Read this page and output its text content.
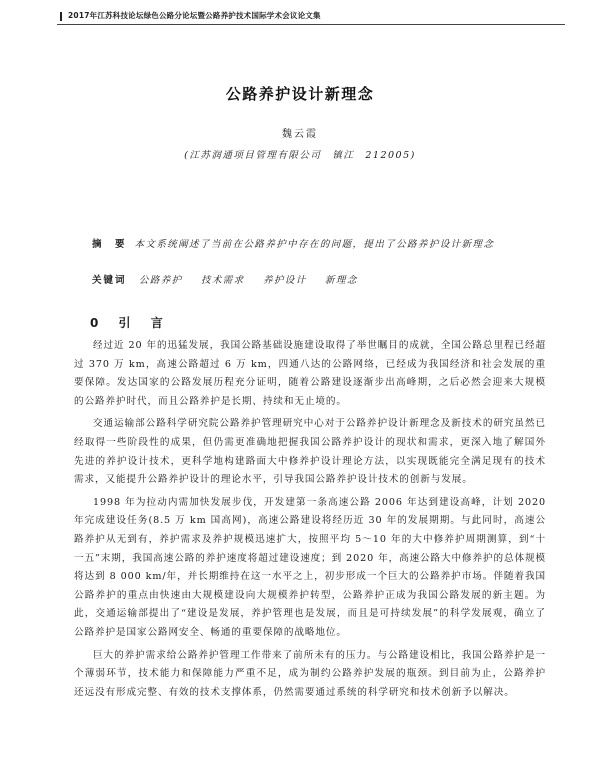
2017年江苏科技论坛绿色公路分论坛暨公路养护技术国际学术会议论文集
公路养护设计新理念
魏云霞
(江苏润通项目管理有限公司　镇江　212005)
摘　要 本文系统阐述了当前在公路养护中存在的问题，提出了公路养护设计新理念
关键词 公路养护 技术需求 养护设计 新理念
0 引 言

经过近 20 年的迅猛发展，我国公路基础设施建设取得了举世瞩目的成就，全国公路总里程已经超过 370 万 km，高速公路超过 6 万 km，四通八达的公路网络，已经成为我国经济和社会发展的重要保障。发达国家的公路发展历程充分证明，随着公路建设逐渐步出高峰期，之后必然会迎来大规模的公路养护时代，而且公路养护是长期、持续和无止境的。

交通运输部公路科学研究院公路养护管理研究中心对于公路养护设计新理念及新技术的研究虽然已经取得一些阶段性的成果，但仍需更准确地把握我国公路养护设计的现状和需求，更深入地了解国外先进的养护设计技术，更科学地构建路面大中修养护设计理论方法，以实现既能完全满足现有的技术需求，又能提升公路养护设计的理论水平，引导我国公路养护设计技术的创新与发展。

1998 年为拉动内需加快发展步伐，开发建第一条高速公路 2006 年达到建设高峰，计划 2020 年完成建设任务(8.5 万 km 国高网)，高速公路建设将经历近 30 年的发展期期。与此同时，高速公路养护从无到有，养护需求及养护规模迅速扩大，按照平均 5～10 年的大中修养护周期测算，到“十一五”末期，我国高速公路的养护速度将超过建设速度；到 2020 年，高速公路大中修养护的总体规模将达到 8 000 km/年，并长期维持在这一水平之上，初步形成一个巨大的公路养护市场。伴随着我国公路养护的重点由快速由大规模建设向大规模养护转型，公路养护正成为我国公路发展的新主题。为此，交通运输部提出了“建设是发展，养护管理也是发展，而且是可持续发展”的科学发展观，确立了公路养护是国家公路网安全、畅通的重要保障的战略地位。

巨大的养护需求给公路养护管理工作带来了前所未有的压力。与公路建设相比，我国公路养护是一个薄弱环节，技术能力和保障能力严重不足，成为制约公路养护发展的瓶颈。到目前为止，公路养护还远没有形成完整、有效的技术支撑体系，仍然需要通过系统的科学研究和技术创新予以解决。
